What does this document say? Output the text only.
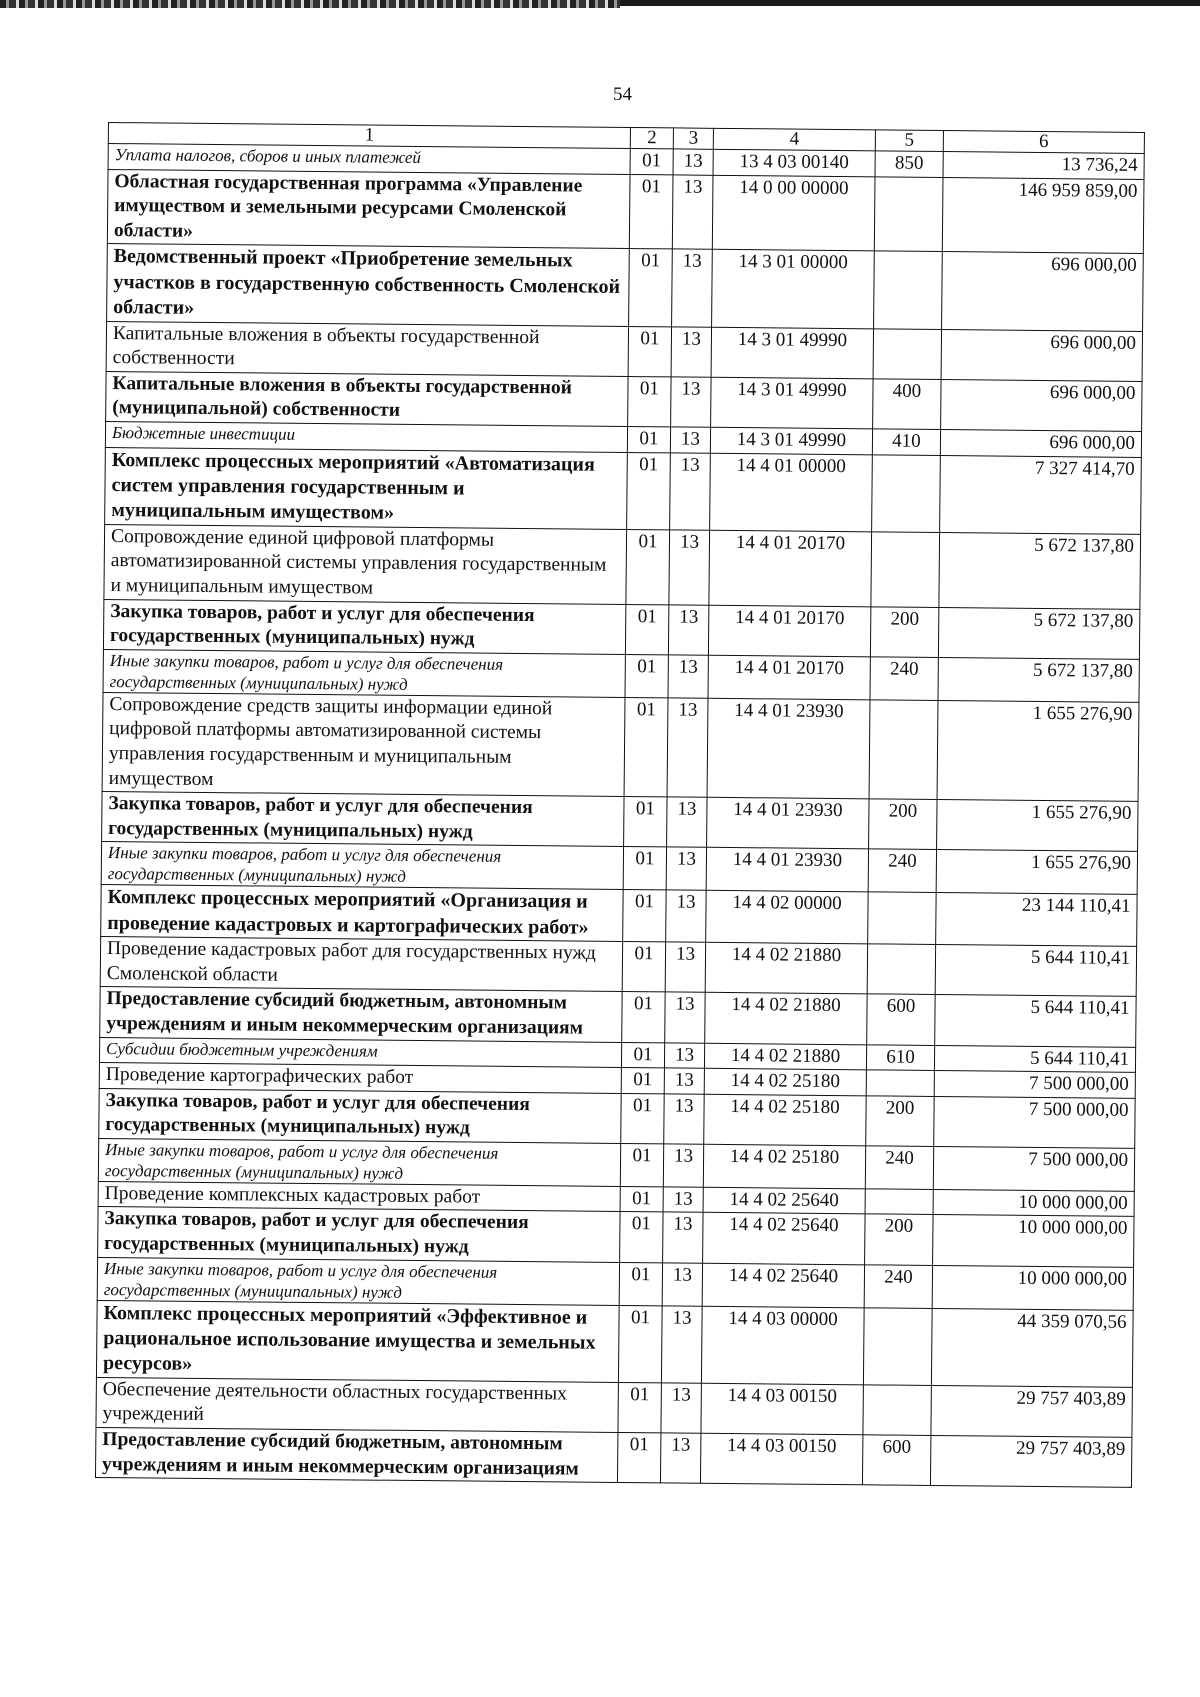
54
1	2	3	4	5	6
Уплата налогов, сборов и иных платежей	01	13	13 4 03 00140	850	13 736,24
Областная государственная программа «Управление имуществом и земельными ресурсами Смоленской области»	01	13	14 0 00 00000		146 959 859,00
Ведомственный проект «Приобретение земельных участков в государственную собственность Смоленской области»	01	13	14 3 01 00000		696 000,00
Капитальные вложения в объекты государственной собственности	01	13	14 3 01 49990		696 000,00
Капитальные вложения в объекты государственной (муниципальной) собственности	01	13	14 3 01 49990	400	696 000,00
Бюджетные инвестиции	01	13	14 3 01 49990	410	696 000,00
Комплекс процессных мероприятий «Автоматизация систем управления государственным и муниципальным имуществом»	01	13	14 4 01 00000		7 327 414,70
Сопровождение единой цифровой платформы автоматизированной системы управления государственным и муниципальным имуществом	01	13	14 4 01 20170		5 672 137,80
Закупка товаров, работ и услуг для обеспечения государственных (муниципальных) нужд	01	13	14 4 01 20170	200	5 672 137,80
Иные закупки товаров, работ и услуг для обеспечения государственных (муниципальных) нужд	01	13	14 4 01 20170	240	5 672 137,80
Сопровождение средств защиты информации единой цифровой платформы автоматизированной системы управления государственным и муниципальным имуществом	01	13	14 4 01 23930		1 655 276,90
Закупка товаров, работ и услуг для обеспечения государственных (муниципальных) нужд	01	13	14 4 01 23930	200	1 655 276,90
Иные закупки товаров, работ и услуг для обеспечения государственных (муниципальных) нужд	01	13	14 4 01 23930	240	1 655 276,90
Комплекс процессных мероприятий «Организация и проведение кадастровых и картографических работ»	01	13	14 4 02 00000		23 144 110,41
Проведение кадастровых работ для государственных нужд Смоленской области	01	13	14 4 02 21880		5 644 110,41
Предоставление субсидий бюджетным, автономным учреждениям и иным некоммерческим организациям	01	13	14 4 02 21880	600	5 644 110,41
Субсидии бюджетным учреждениям	01	13	14 4 02 21880	610	5 644 110,41
Проведение картографических работ	01	13	14 4 02 25180		7 500 000,00
Закупка товаров, работ и услуг для обеспечения государственных (муниципальных) нужд	01	13	14 4 02 25180	200	7 500 000,00
Иные закупки товаров, работ и услуг для обеспечения государственных (муниципальных) нужд	01	13	14 4 02 25180	240	7 500 000,00
Проведение комплексных кадастровых работ	01	13	14 4 02 25640		10 000 000,00
Закупка товаров, работ и услуг для обеспечения государственных (муниципальных) нужд	01	13	14 4 02 25640	200	10 000 000,00
Иные закупки товаров, работ и услуг для обеспечения государственных (муниципальных) нужд	01	13	14 4 02 25640	240	10 000 000,00
Комплекс процессных мероприятий «Эффективное и рациональное использование имущества и земельных ресурсов»	01	13	14 4 03 00000		44 359 070,56
Обеспечение деятельности областных государственных учреждений	01	13	14 4 03 00150		29 757 403,89
Предоставление субсидий бюджетным, автономным учреждениям и иным некоммерческим организациям	01	13	14 4 03 00150	600	29 757 403,89
